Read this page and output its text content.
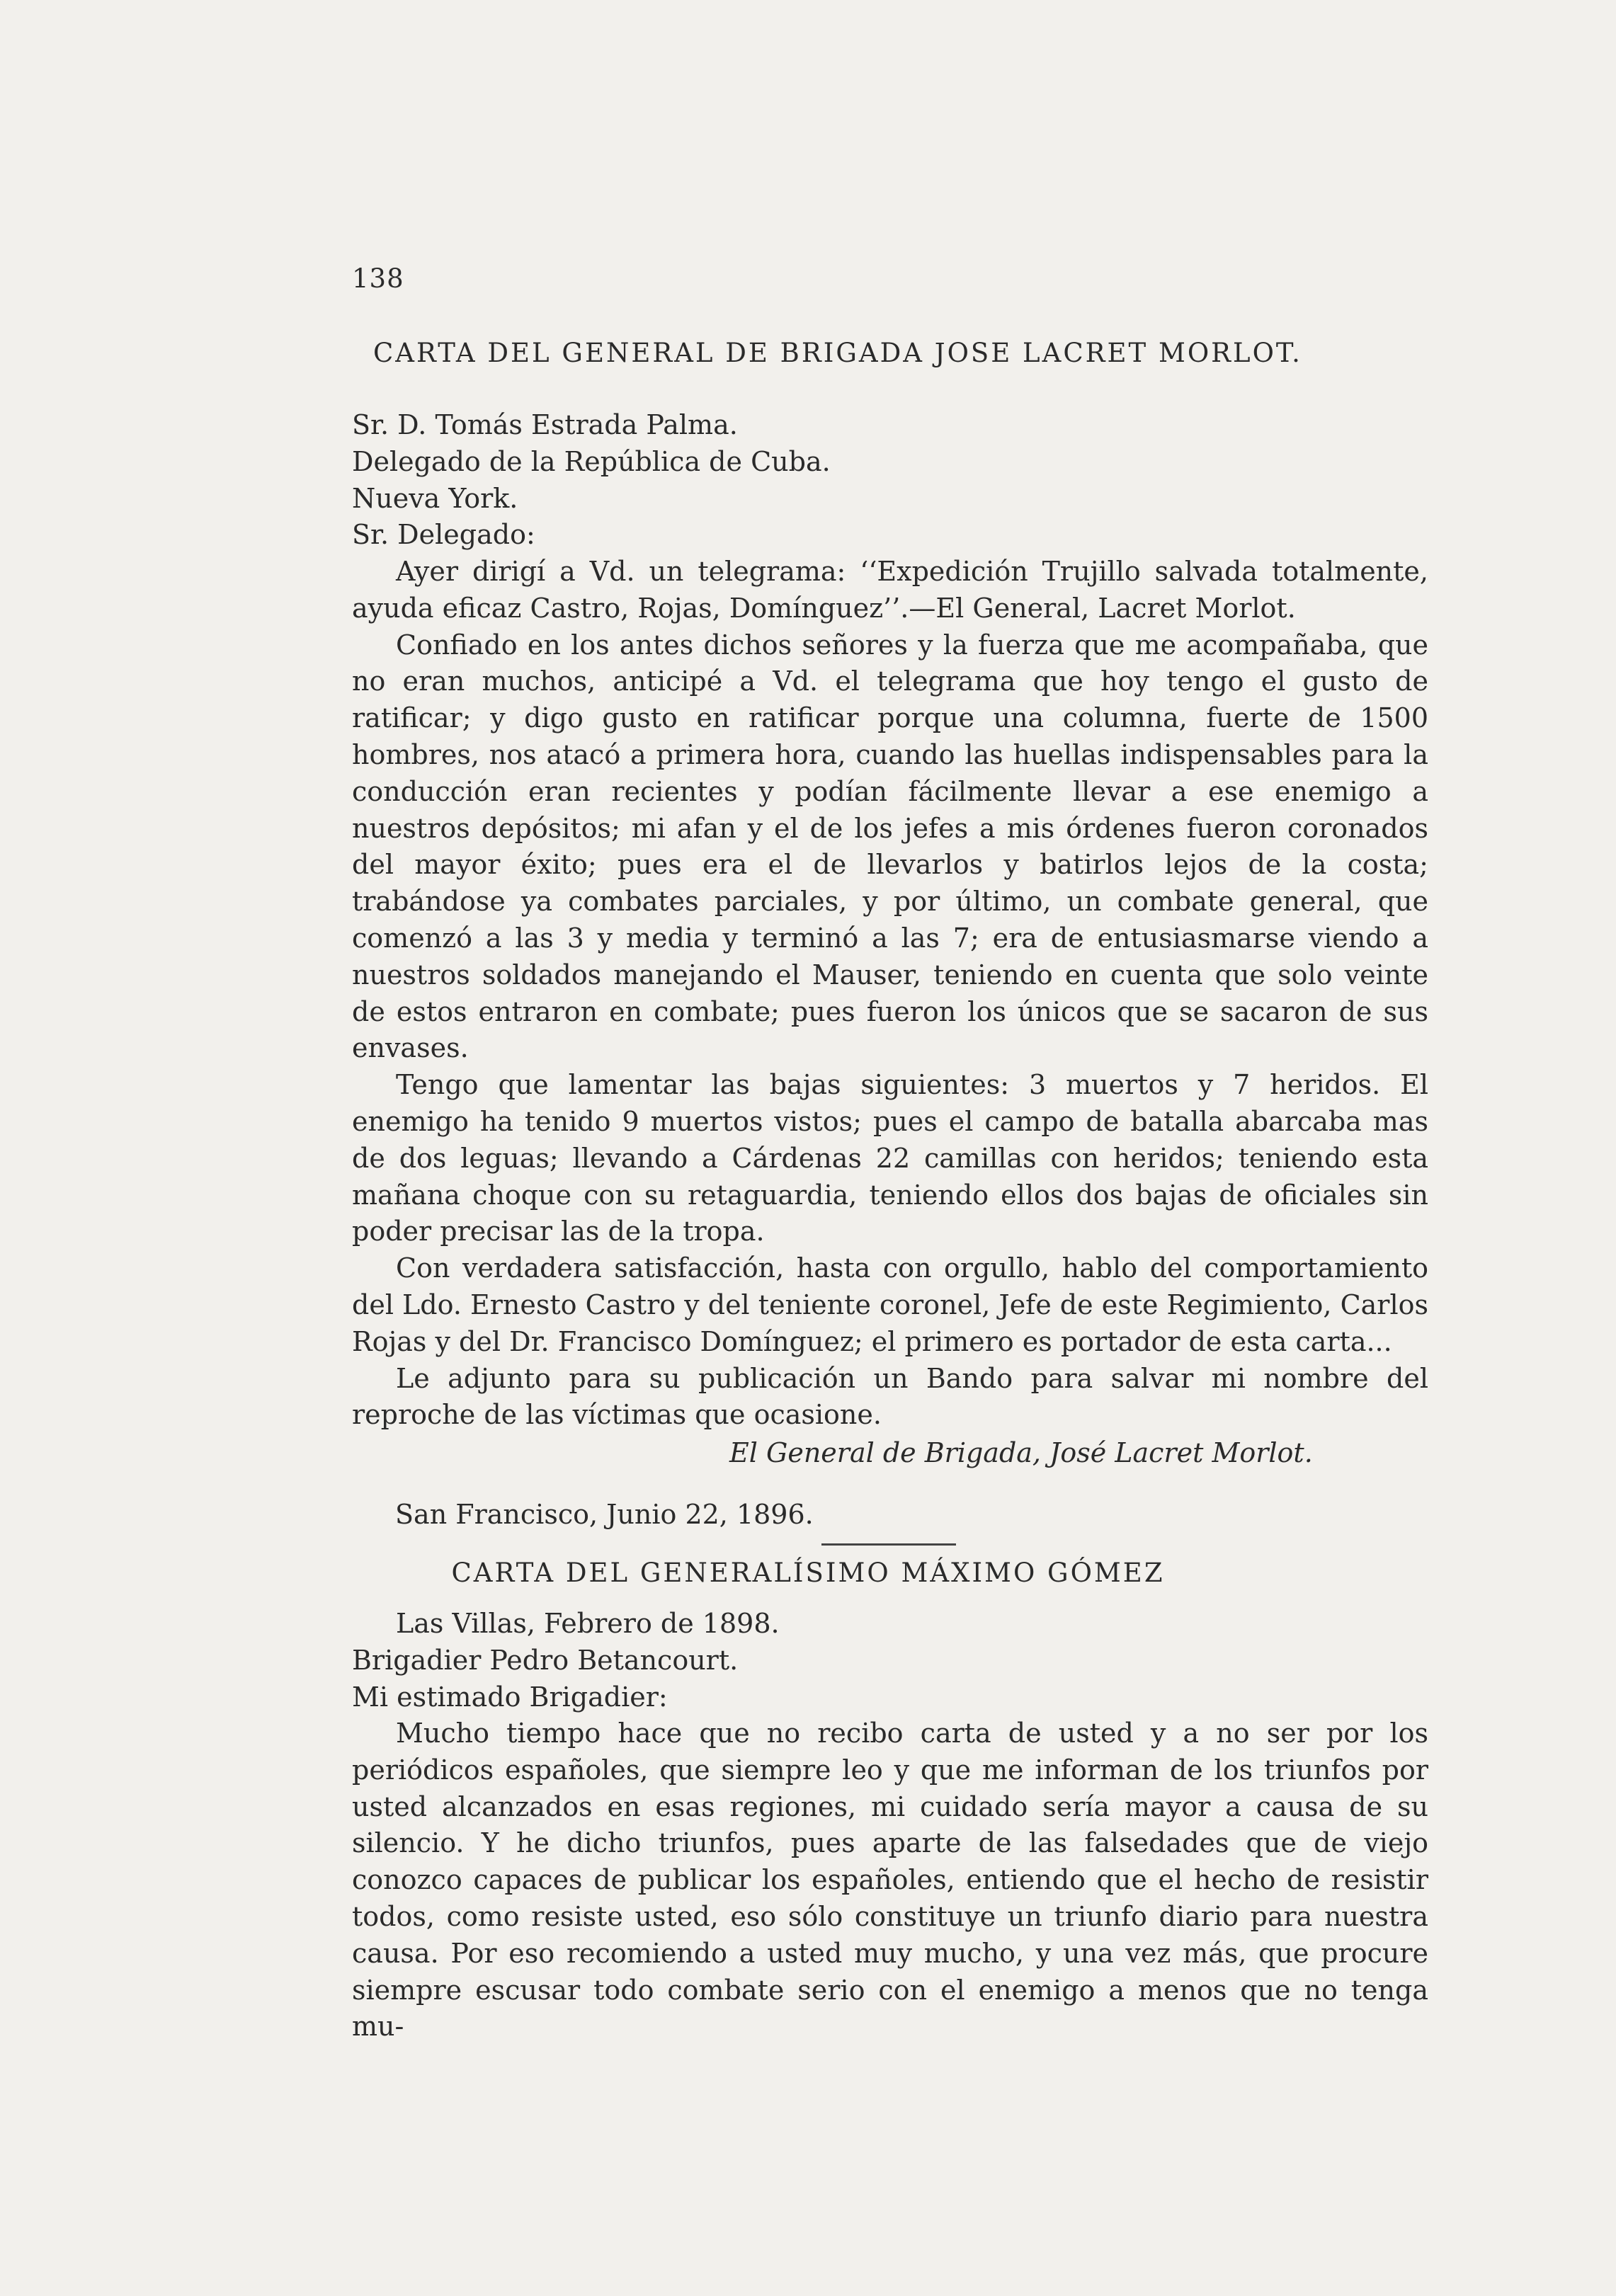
138
CARTA DEL GENERAL DE BRIGADA JOSE LACRET MORLOT.
Sr. D. Tomás Estrada Palma.
Delegado de la República de Cuba.
Nueva York.
Sr. Delegado:

Ayer dirigí a Vd. un telegrama: ‘‘Expedición Trujillo salvada totalmente, ayuda eficaz Castro, Rojas, Domínguez’’.—El General, Lacret Morlot.

Confiado en los antes dichos señores y la fuerza que me acompañaba, que no eran muchos, anticipé a Vd. el telegrama que hoy tengo el gusto de ratificar; y digo gusto en ratificar porque una columna, fuerte de 1500 hombres, nos atacó a primera hora, cuando las huellas indispensables para la conducción eran recientes y podían fácilmente llevar a ese enemigo a nuestros depósitos; mi afan y el de los jefes a mis órdenes fueron coronados del mayor éxito; pues era el de llevarlos y batirlos lejos de la costa; trabándose ya combates parciales, y por último, un combate general, que comenzó a las 3 y media y terminó a las 7; era de entusiasmarse viendo a nuestros soldados manejando el Mauser, teniendo en cuenta que solo veinte de estos entraron en combate; pues fueron los únicos que se sacaron de sus envases.

Tengo que lamentar las bajas siguientes: 3 muertos y 7 heridos. El enemigo ha tenido 9 muertos vistos; pues el campo de batalla abarcaba mas de dos leguas; llevando a Cárdenas 22 camillas con heridos; teniendo esta mañana choque con su retaguardia, teniendo ellos dos bajas de oficiales sin poder precisar las de la tropa.

Con verdadera satisfacción, hasta con orgullo, hablo del comportamiento del Ldo. Ernesto Castro y del teniente coronel, Jefe de este Regimiento, Carlos Rojas y del Dr. Francisco Domínguez; el primero es portador de esta carta...

Le adjunto para su publicación un Bando para salvar mi nombre del reproche de las víctimas que ocasione.

El General de Brigada, José Lacret Morlot.
San Francisco, Junio 22, 1896.
CARTA DEL GENERALÍSIMO MÁXIMO GÓMEZ
Las Villas, Febrero de 1898.
Brigadier Pedro Betancourt.
Mi estimado Brigadier:

Mucho tiempo hace que no recibo carta de usted y a no ser por los periódicos españoles, que siempre leo y que me informan de los triunfos por usted alcanzados en esas regiones, mi cuidado sería mayor a causa de su silencio. Y he dicho triunfos, pues aparte de las falsedades que de viejo conozco capaces de publicar los españoles, entiendo que el hecho de resistir todos, como resiste usted, eso sólo constituye un triunfo diario para nuestra causa. Por eso recomiendo a usted muy mucho, y una vez más, que procure siempre escusar todo combate serio con el enemigo a menos que no tenga mu-
